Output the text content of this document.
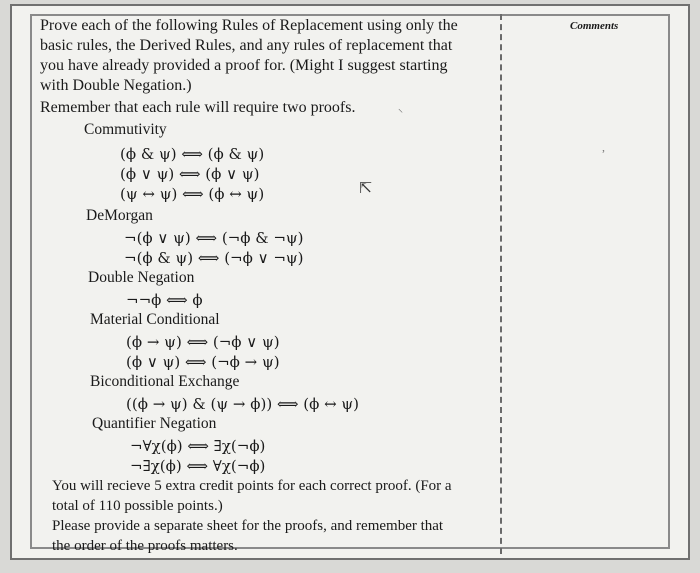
Comments
,
⸌
⇱
Prove each of the following Rules of Replacement using only the
basic rules, the Derived Rules, and any rules of replacement that
you have already provided a proof for. (Might I suggest starting
with Double Negation.)
Remember that each rule will require two proofs.
Commutivity
(ϕ & ψ) ⟺ (ϕ & ψ)
(ϕ ∨ ψ) ⟺ (ϕ ∨ ψ)
(ψ ↔ ψ) ⟺ (ϕ ↔ ψ)
DeMorgan
¬(ϕ ∨ ψ) ⟺ (¬ϕ & ¬ψ)
¬(ϕ & ψ) ⟺ (¬ϕ ∨ ¬ψ)
Double Negation
¬¬ϕ ⟺ ϕ
Material Conditional
(ϕ → ψ) ⟺ (¬ϕ ∨ ψ)
(ϕ ∨ ψ) ⟺ (¬ϕ → ψ)
Biconditional Exchange
((ϕ → ψ) & (ψ → ϕ)) ⟺ (ϕ ↔ ψ)
Quantifier Negation
¬∀χ(ϕ) ⟺ ∃χ(¬ϕ)
¬∃χ(ϕ) ⟺ ∀χ(¬ϕ)
You will recieve 5 extra credit points for each correct proof. (For a
total of 110 possible points.)
Please provide a separate sheet for the proofs, and remember that
the order of the proofs matters.
